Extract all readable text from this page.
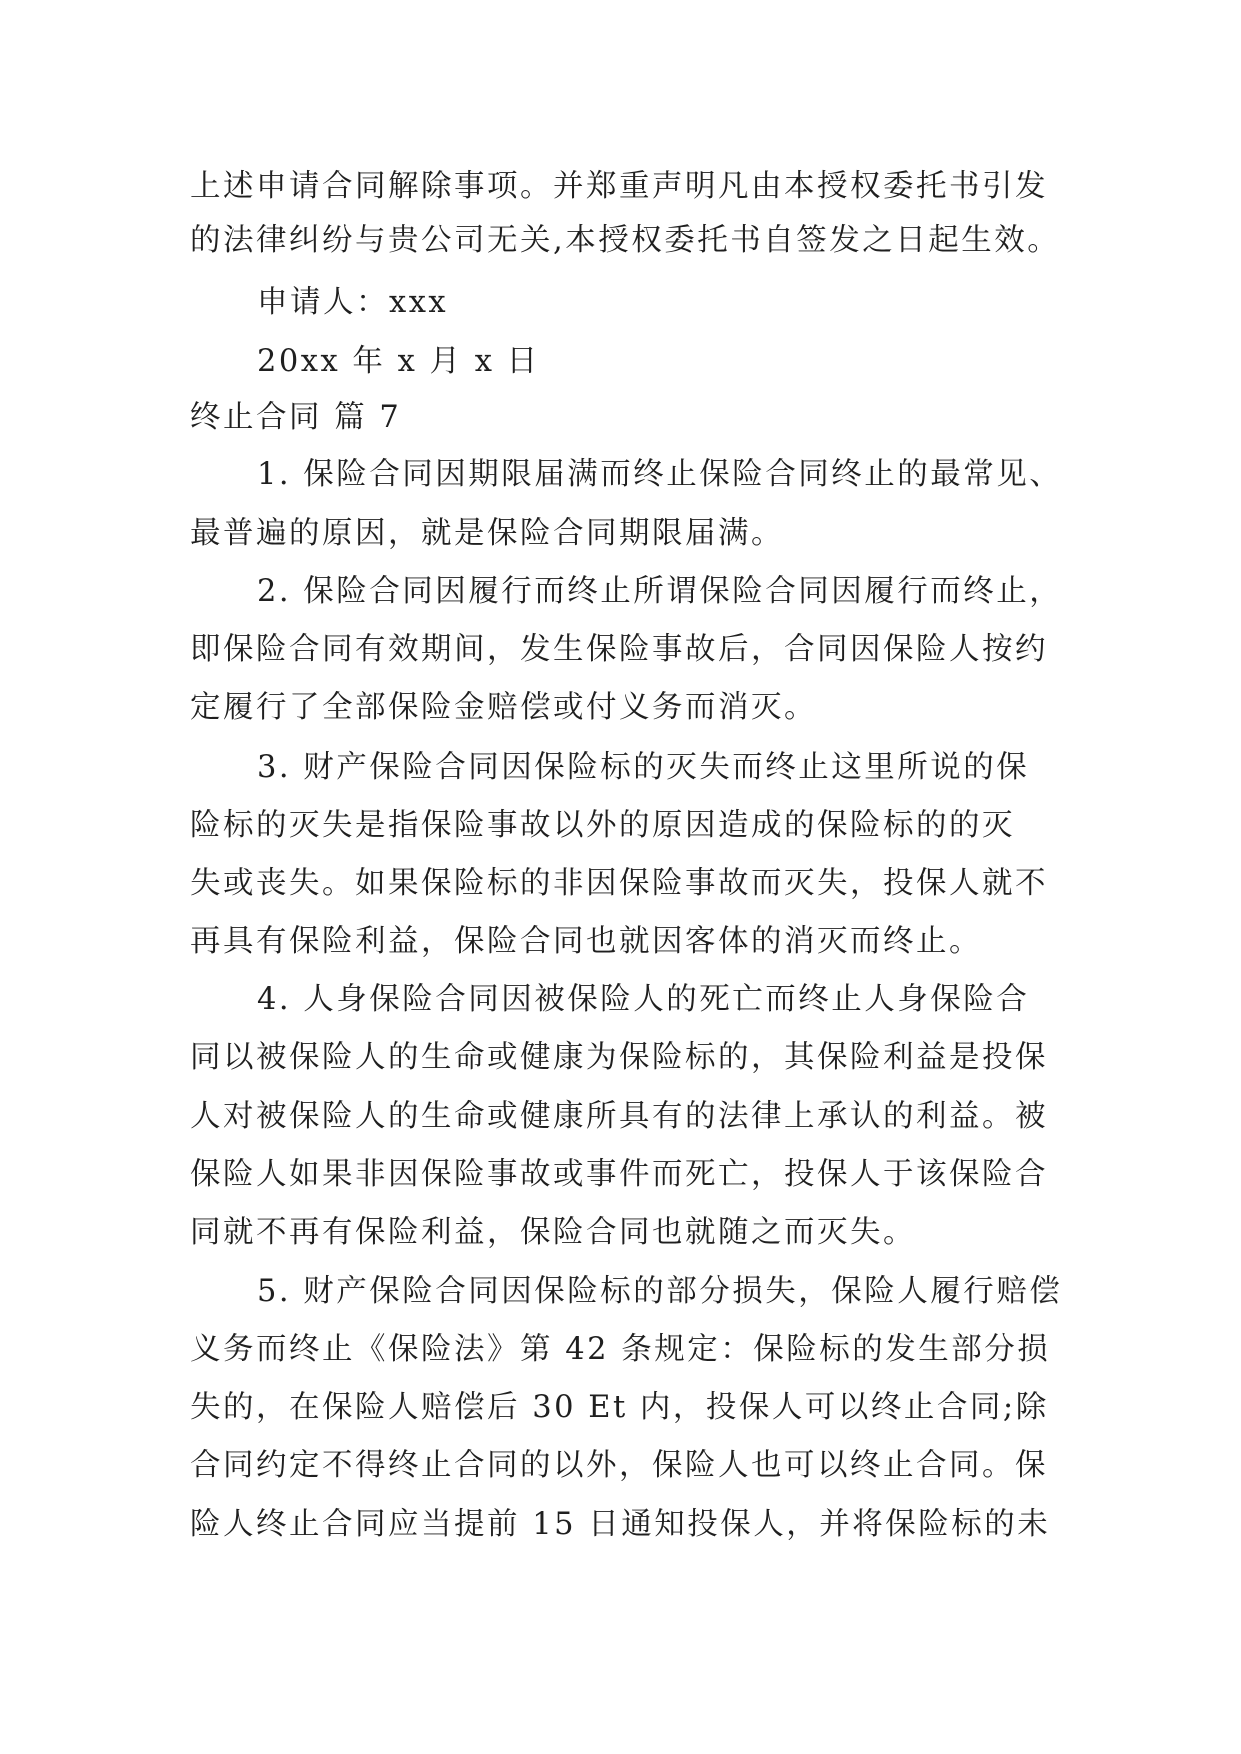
上述申请合同解除事项。并郑重声明凡由本授权委托书引发
的法律纠纷与贵公司无关,本授权委托书自签发之日起生效。
申请人：xxx
20xx 年 x 月 x 日
终止合同 篇 7
1. 保险合同因期限届满而终止保险合同终止的最常见、
最普遍的原因，就是保险合同期限届满。
2. 保险合同因履行而终止所谓保险合同因履行而终止，
即保险合同有效期间，发生保险事故后，合同因保险人按约
定履行了全部保险金赔偿或付义务而消灭。
3. 财产保险合同因保险标的灭失而终止这里所说的保
险标的灭失是指保险事故以外的原因造成的保险标的的灭
失或丧失。如果保险标的非因保险事故而灭失，投保人就不
再具有保险利益，保险合同也就因客体的消灭而终止。
4. 人身保险合同因被保险人的死亡而终止人身保险合
同以被保险人的生命或健康为保险标的，其保险利益是投保
人对被保险人的生命或健康所具有的法律上承认的利益。被
保险人如果非因保险事故或事件而死亡，投保人于该保险合
同就不再有保险利益，保险合同也就随之而灭失。
5. 财产保险合同因保险标的部分损失，保险人履行赔偿
义务而终止《保险法》第 42 条规定：保险标的发生部分损
失的，在保险人赔偿后 30 Et 内，投保人可以终止合同;除
合同约定不得终止合同的以外，保险人也可以终止合同。保
险人终止合同应当提前 15 日通知投保人，并将保险标的未
